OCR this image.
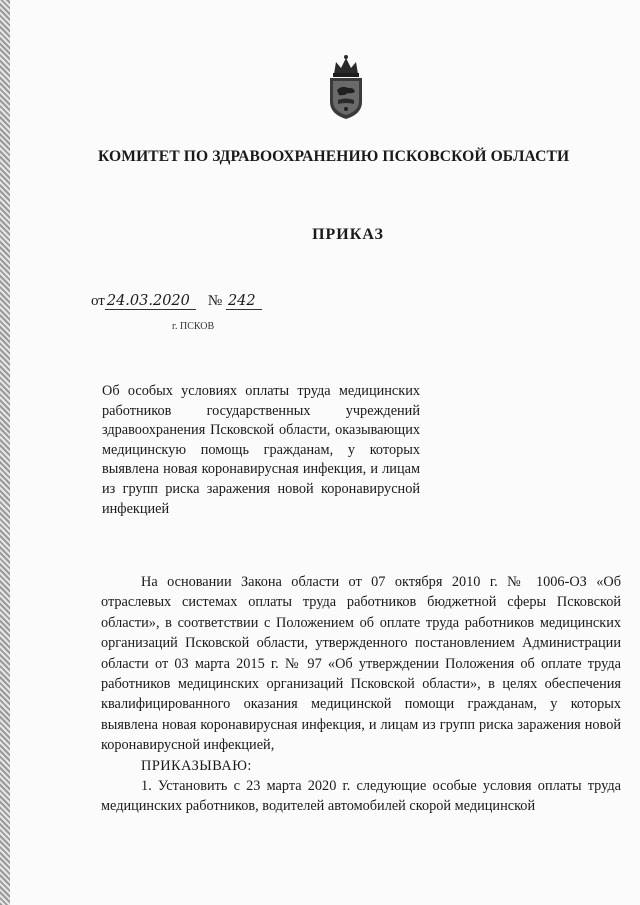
КОМИТЕТ ПО ЗДРАВООХРАНЕНИЮ ПСКОВСКОЙ ОБЛАСТИ
ПРИКАЗ
от 24.03.2020 № 242
г. ПСКОВ
Об особых условиях оплаты труда медицинских работников государственных учреждений здравоохранения Псковской области, оказывающих медицинскую помощь гражданам, у которых выявлена новая коронавирусная инфекция, и лицам из групп риска заражения новой коронавирусной инфекцией

На основании Закона области от 07 октября 2010 г. № 1006-ОЗ «Об отраслевых системах оплаты труда работников бюджетной сферы Псковской области», в соответствии с Положением об оплате труда работников медицинских организаций Псковской области, утвержденного постановлением Администрации области от 03 марта 2015 г. № 97 «Об утверждении Положения об оплате труда работников медицинских организаций Псковской области», в целях обеспечения квалифицированного оказания медицинской помощи гражданам, у которых выявлена новая коронавирусная инфекция, и лицам из групп риска заражения новой коронавирусной инфекцией,

ПРИКАЗЫВАЮ:

1. Установить с 23 марта 2020 г. следующие особые условия оплаты труда медицинских работников, водителей автомобилей скорой медицинской
